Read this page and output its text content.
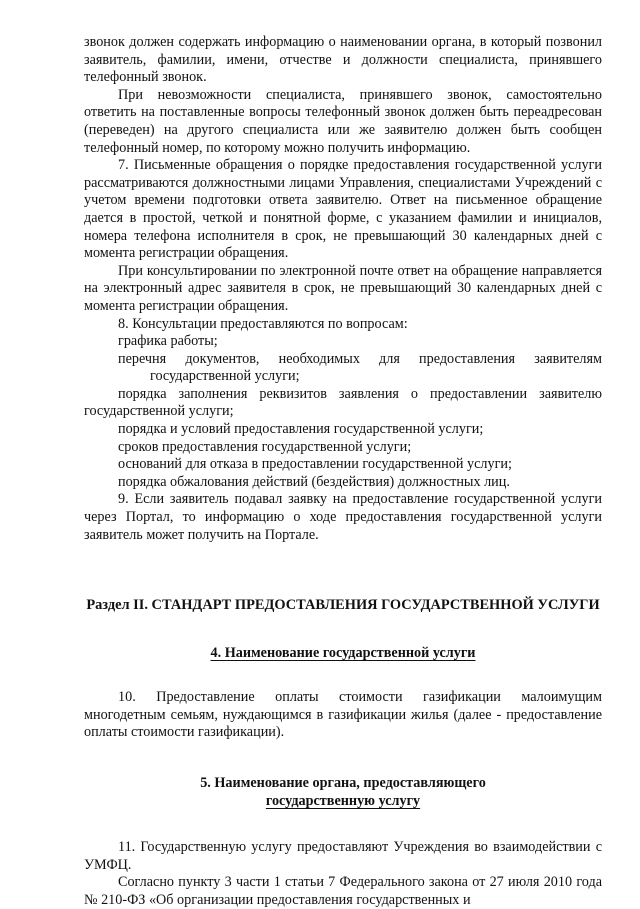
звонок должен содержать информацию о наименовании органа, в который позвонил заявитель, фамилии, имени, отчестве и должности специалиста, принявшего телефонный звонок.

При невозможности специалиста, принявшего звонок, самостоятельно ответить на поставленные вопросы телефонный звонок должен быть переадресован (переведен) на другого специалиста или же заявителю должен быть сообщен телефонный номер, по которому можно получить информацию.

7. Письменные обращения о порядке предоставления государственной услуги рассматриваются должностными лицами Управления, специалистами Учреждений с учетом времени подготовки ответа заявителю. Ответ на письменное обращение дается в простой, четкой и понятной форме, с указанием фамилии и инициалов, номера телефона исполнителя в срок, не превышающий 30 календарных дней с момента регистрации обращения.

При консультировании по электронной почте ответ на обращение направляется на электронный адрес заявителя в срок, не превышающий 30 календарных дней с момента регистрации обращения.

8. Консультации предоставляются по вопросам:

графика работы;

перечня документов, необходимых для предоставления заявителям государственной услуги;

порядка заполнения реквизитов заявления о предоставлении заявителю государственной услуги;

порядка и условий предоставления государственной услуги;

сроков предоставления государственной услуги;

оснований для отказа в предоставлении государственной услуги;

порядка обжалования действий (бездействия) должностных лиц.

9. Если заявитель подавал заявку на предоставление государственной услуги через Портал, то информацию о ходе предоставления государственной услуги заявитель может получить на Портале.

Раздел II. СТАНДАРТ ПРЕДОСТАВЛЕНИЯ ГОСУДАРСТВЕННОЙ УСЛУГИ

4. Наименование государственной услуги

10. Предоставление оплаты стоимости газификации малоимущим многодетным семьям, нуждающимся в газификации жилья (далее - предоставление оплаты стоимости газификации).

5. Наименование органа, предоставляющего
государственную услугу

11. Государственную услугу предоставляют Учреждения во взаимодействии с УМФЦ.

Согласно пункту 3 части 1 статьи 7 Федерального закона от 27 июля 2010 года № 210-ФЗ «Об организации предоставления государственных и
